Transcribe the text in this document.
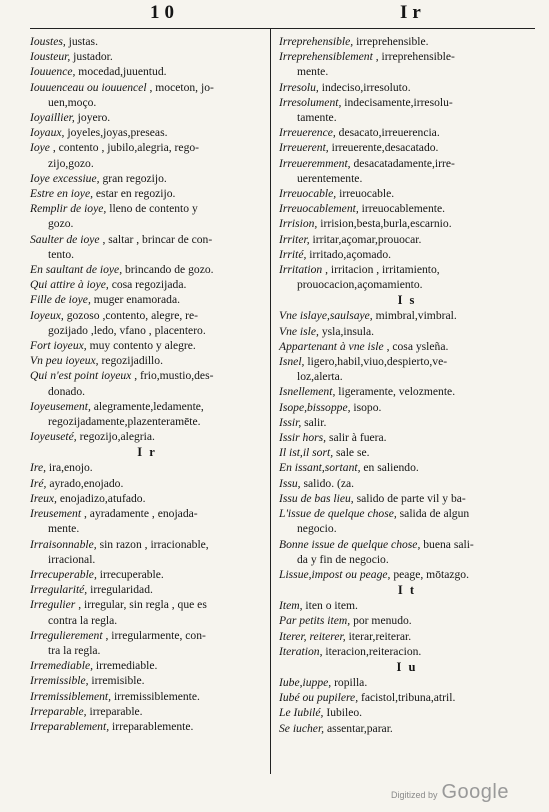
10	Ir
Ioustes, justas.
Iousteur, justador.
Iouuence, mocedad,juuentud.
Iouuenceau ou iouuencel , moceton, jo-
uen,moço.
Ioyaillier, joyero.
Ioyaux, joyeles,joyas,preseas.
Ioye , contento , jubilo,alegria, rego-
zijo,gozo.
Ioye excessiue, gran regozijo.
Estre en ioye, estar en regozijo.
Remplir de ioye, lleno de contento y
gozo.
Saulter de ioye , saltar , brincar de con-
tento.
En saultant de ioye, brincando de gozo.
Qui attire à ioye, cosa regozijada.
Fille de ioye, muger enamorada.
Ioyeux, gozoso ,contento, alegre, re-
gozijado ,ledo, vfano , placentero.
Fort ioyeux, muy contento y alegre.
Vn peu ioyeux, regozijadillo.
Qui n'est point ioyeux , frio,mustio,des-
donado.
Ioyeusement, alegramente,ledamente,
regozijadamente,plazenteramēte.
Ioyeuseté, regozijo,alegria.
I r
Ire, ira,enojo.
Iré, ayrado,enojado.
Ireux, enojadizo,atufado.
Ireusement , ayradamente , enojada-
mente.
Irraisonnable, sin razon , irracionable,
irracional.
Irrecuperable, irrecuperable.
Irregularité, irregularidad.
Irregulier , irregular, sin regla , que es
contra la regla.
Irregulierement , irregularmente, con-
tra la regla.
Irremediable, irremediable.
Irremissible, irremisible.
Irremissiblement, irremissiblemente.
Irreparable, irreparable.
Irreparablement, irreparablemente.
Irreprehensible, irreprehensible.
Irreprehensiblement , irreprehensible-
mente.
Irresolu, indeciso,irresoluto.
Irresolument, indecisamente,irresolu-
tamente.
Irreuerence, desacato,irreuerencia.
Irreuerent, irreuerente,desacatado.
Irreueremment, desacatadamente,irre-
uerentemente.
Irreuocable, irreuocable.
Irreuocablement, irreuocablemente.
Irrision, irrision,besta,burla,escarnio.
Irriter, irritar,açomar,prouocar.
Irrité, irritado,açomado.
Irritation , irritacion , irritamiento,
prouocacion,açomamiento.
I s
Vne islaye,saulsaye, mimbral,vimbral.
Vne isle, ysla,insula.
Appartenant à vne isle , cosa ysleña.
Isnel, ligero,habil,viuo,despierto,ve-
loz,alerta.
Isnellement, ligeramente, velozmente.
Isope,bissoppe, isopo.
Issir, salir.
Issir hors, salir à fuera.
Il ist,il sort, sale se.
En issant,sortant, en saliendo.
Issu, salido. (za.
Issu de bas lieu, salido de parte vil y ba-
L'issue de quelque chose, salida de algun
negocio.
Bonne issue de quelque chose, buena sali-
da y fin de negocio.
Lissue,impost ou peage, peage, mōtazgo.
I t
Item, iten o item.
Par petits item, por menudo.
Iterer, reiterer, iterar,reiterar.
Iteration, iteracion,reiteracion.
I u
Iube,iuppe, ropilla.
Iubé ou pupilere, facistol,tribuna,atril.
Le Iubilé, Iubileo.
Se iucher, assentar,parar.
Digitized by Google
